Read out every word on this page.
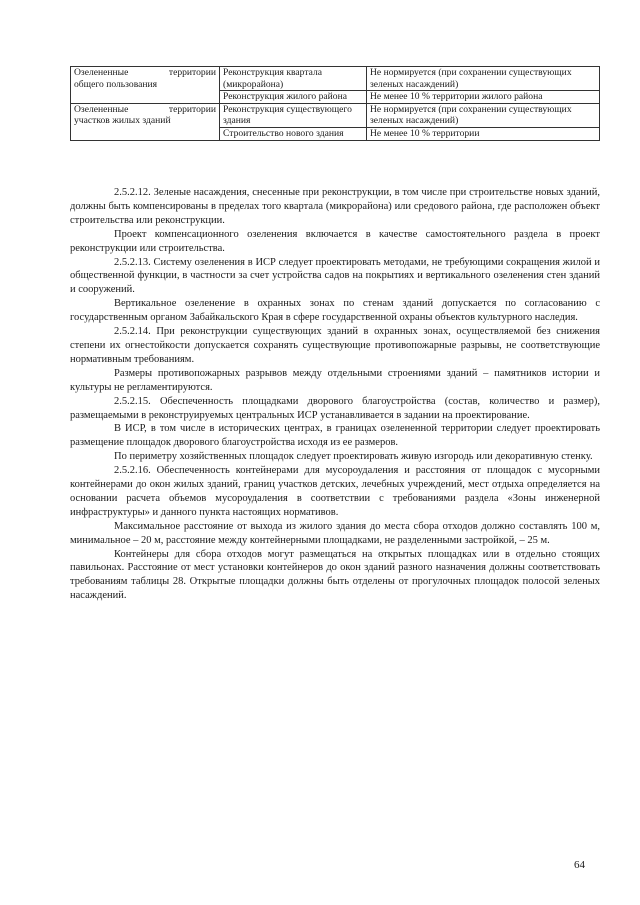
Озелененные территории
общего пользования	Реконструкция квартала (микрорайона)	Не нормируется (при сохранении существующих зеленых насаждений)
	Реконструкция жилого района	Не менее 10 % территории жилого района

Озелененные территории
участков жилых зданий	Реконструкция существующего здания	Не нормируется (при сохранении существующих зеленых насаждений)
	Строительство нового здания	Не менее 10 % территории

2.5.2.12. Зеленые насаждения, снесенные при реконструкции, в том числе при строительстве новых зданий, должны быть компенсированы в пределах того квартала (микрорайона) или средового района, где расположен объект строительства или реконструкции.

Проект компенсационного озеленения включается в качестве самостоятельного раздела в проект реконструкции или строительства.

2.5.2.13. Систему озеленения в ИСР следует проектировать методами, не требующими сокращения жилой и общественной функции, в частности за счет устройства садов на покрытиях и вертикального озеленения стен зданий и сооружений.

Вертикальное озеленение в охранных зонах по стенам зданий допускается по согласованию с государственным органом Забайкальского Края в сфере государственной охраны объектов культурного наследия.

2.5.2.14. При реконструкции существующих зданий в охранных зонах, осуществляемой без снижения степени их огнестойкости допускается сохранять существующие противопожарные разрывы, не соответствующие нормативным требованиям.

Размеры противопожарных разрывов между отдельными строениями зданий – памятников истории и культуры не регламентируются.

2.5.2.15. Обеспеченность площадками дворового благоустройства (состав, количество и размер), размещаемыми в реконструируемых центральных ИСР устанавливается в задании на проектирование.

В ИСР, в том числе в исторических центрах, в границах озелененной территории следует проектировать размещение площадок дворового благоустройства исходя из ее размеров.

По периметру хозяйственных площадок следует проектировать живую изгородь или декоративную стенку.

2.5.2.16. Обеспеченность контейнерами для мусороудаления и расстояния от площадок с мусорными контейнерами до окон жилых зданий, границ участков детских, лечебных учреждений, мест отдыха определяется на основании расчета объемов мусороудаления в соответствии с требованиями раздела «Зоны инженерной инфраструктуры» и данного пункта настоящих нормативов.

Максимальное расстояние от выхода из жилого здания до места сбора отходов должно составлять 100 м, минимальное – 20 м, расстояние между контейнерными площадками, не разделенными застройкой, – 25 м.

Контейнеры для сбора отходов могут размещаться на открытых площадках или в отдельно стоящих павильонах. Расстояние от мест установки контейнеров до окон зданий разного назначения должны соответствовать требованиям таблицы 28. Открытые площадки должны быть отделены от прогулочных площадок полосой зеленых насаждений.

64
